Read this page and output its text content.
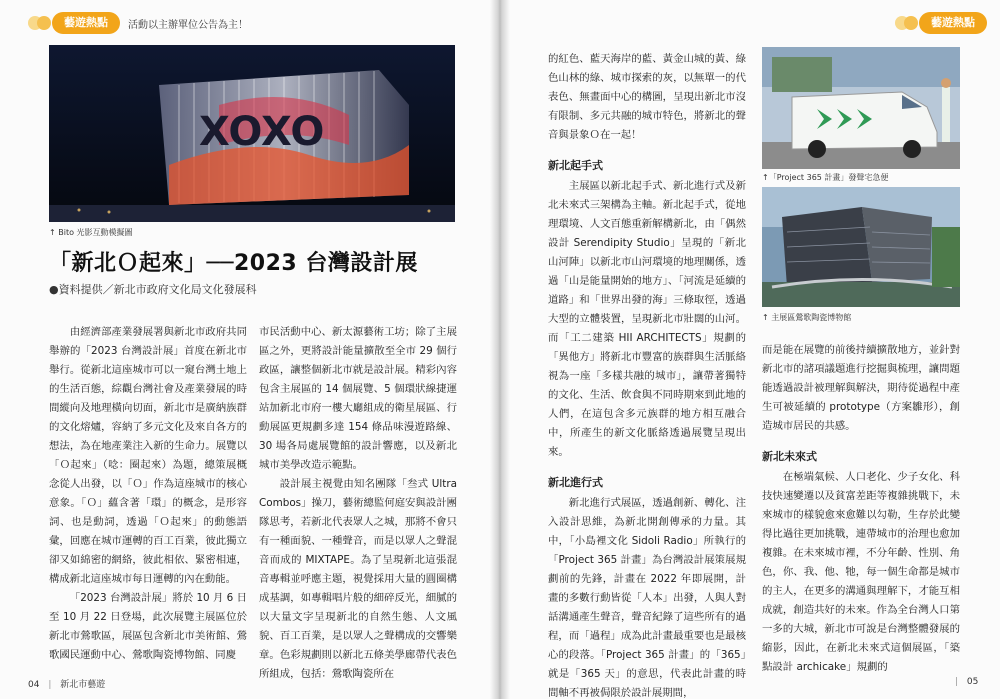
藝遊熱點	活動以主辦單位公告為主！
XOXO
↑ Bito 光影互動模擬圖
「新北Ｏ起來」──2023 台灣設計展
●資料提供／新北市政府文化局文化發展科

由經濟部產業發展署與新北市政府共同舉辦的「2023 台灣設計展」首度在新北市舉行。從新北這座城市可以一窺台灣土地上的生活百態，綜觀台灣社會及產業發展的時間縱向及地理橫向切面，新北市是廣納族群的文化熔爐，容納了多元文化及來自各方的想法，為在地產業注入新的生命力。展覽以「Ｏ起來」（唸：圈起來）為題，總策展概念從人出發，以「Ｏ」作為這座城市的核心意象。「Ｏ」蘊含著「環」的概念，是形容詞、也是動詞，透過「Ｏ起來」的動態語彙，回應在城市運轉的百工百業，彼此獨立卻又如綿密的網絡，彼此相依、緊密相連，構成新北這座城市每日運轉的內在動能。

「2023 台灣設計展」將於 10 月 6 日至 10 月 22 日登場，此次展覽主展區位於新北市鶯歌區，展區包含新北市美術館、鶯歌國民運動中心、鶯歌陶瓷博物館、同慶

市民活動中心、新太源藝術工坊；除了主展區之外，更將設計能量擴散至全市 29 個行政區，讓整個新北市就是設計展。精彩內容包含主展區的 14 個展覽、5 個環狀線捷運站加新北市府一樓大廳組成的衛星展區、行動展區更規劃多達 154 條品味漫遊路線、30 場各局處展覽館的設計響應，以及新北城市美學改造示範點。

設計展主視覺由知名團隊「叁式 Ultra Combos」操刀，藝術總監何庭安與設計團隊思考，若新北代表眾人之城，那將不會只有一種面貌、一種聲音，而是以眾人之聲混音而成的 MIXTAPE。為了呈現新北這張混音專輯並呼應主題，視覺採用大量的圓圈構成基調，如專輯唱片般的細碎反光，細膩的以大量文字呈現新北的自然生態、人文風貌、百工百業，是以眾人之聲構成的交響樂章。色彩規劃則以新北五條美學廊帶代表色所組成，包括：鶯歌陶瓷所在

04 | 新北市藝遊
藝遊熱點

的紅色、藍天海岸的藍、黃金山城的黃、綠色山林的綠、城市探索的灰，以無單一的代表色、無畫面中心的構圖，呈現出新北市沒有限制、多元共融的城市特色，將新北的聲音與景象Ｏ在一起！

新北起手式

主展區以新北起手式、新北進行式及新北未來式三架構為主軸。新北起手式，從地理環境、人文百態重新解構新北，由「偶然設計 Serendipity Studio」呈現的「新北山河陣」以新北市山河環境的地理關係，透過「山是能量開始的地方」、「河流是延續的道路」和「世界出發的海」三條取徑，透過大型的立體裝置，呈現新北市壯闊的山河。而「工二建築 HII ARCHITECTS」規劃的「異他方」將新北市豐富的族群與生活脈絡視為一座「多樣共融的城市」，讓帶著獨特的文化、生活、飲食與不同時期來到此地的人們，在這包含多元族群的地方相互融合中，所產生的新文化脈絡透過展覽呈現出來。

新北進行式

新北進行式展區，透過創新、轉化、注入設計思維，為新北開創傳承的力量。其中，「小島裡文化 Sidoli Radio」所執行的「Project 365 計畫」為台灣設計展策展規劃前的先鋒，計畫在 2022 年即展開，計畫的多數行動皆從「人本」出發，人與人對話溝通產生聲音，聲音紀錄了這些所有的過程，而「過程」成為此計畫最重要也是最核心的段落。「Project 365 計畫」的「365」就是「365 天」的意思，代表此計畫的時間軸不再被侷限於設計展期間，

↑「Project 365 計畫」發聲宅急便
↑ 主展區鶯歌陶瓷博物館

而是能在展覽的前後持續擴散地方，並針對新北市的諸項議題進行挖掘與梳理，讓問題能透過設計被理解與解決，期待從過程中產生可被延續的 prototype（方案雛形），創造城市居民的共感。

新北未來式

在極端氣候、人口老化、少子女化、科技快速變遷以及貧富差距等複雜挑戰下，未來城市的樣貌愈來愈難以勾勒，生存於此變得比過往更加挑戰，連帶城市的治理也愈加複雜。在未來城市裡，不分年齡、性別、角色，你、我、他、牠，每一個生命都是城市的主人，在更多的溝通與理解下，才能互相成就，創造共好的未來。作為全台灣人口第一多的大城，新北市可說是台灣整體發展的縮影，因此，在新北未來式這個展區，「築點設計 archicake」規劃的

| 05
